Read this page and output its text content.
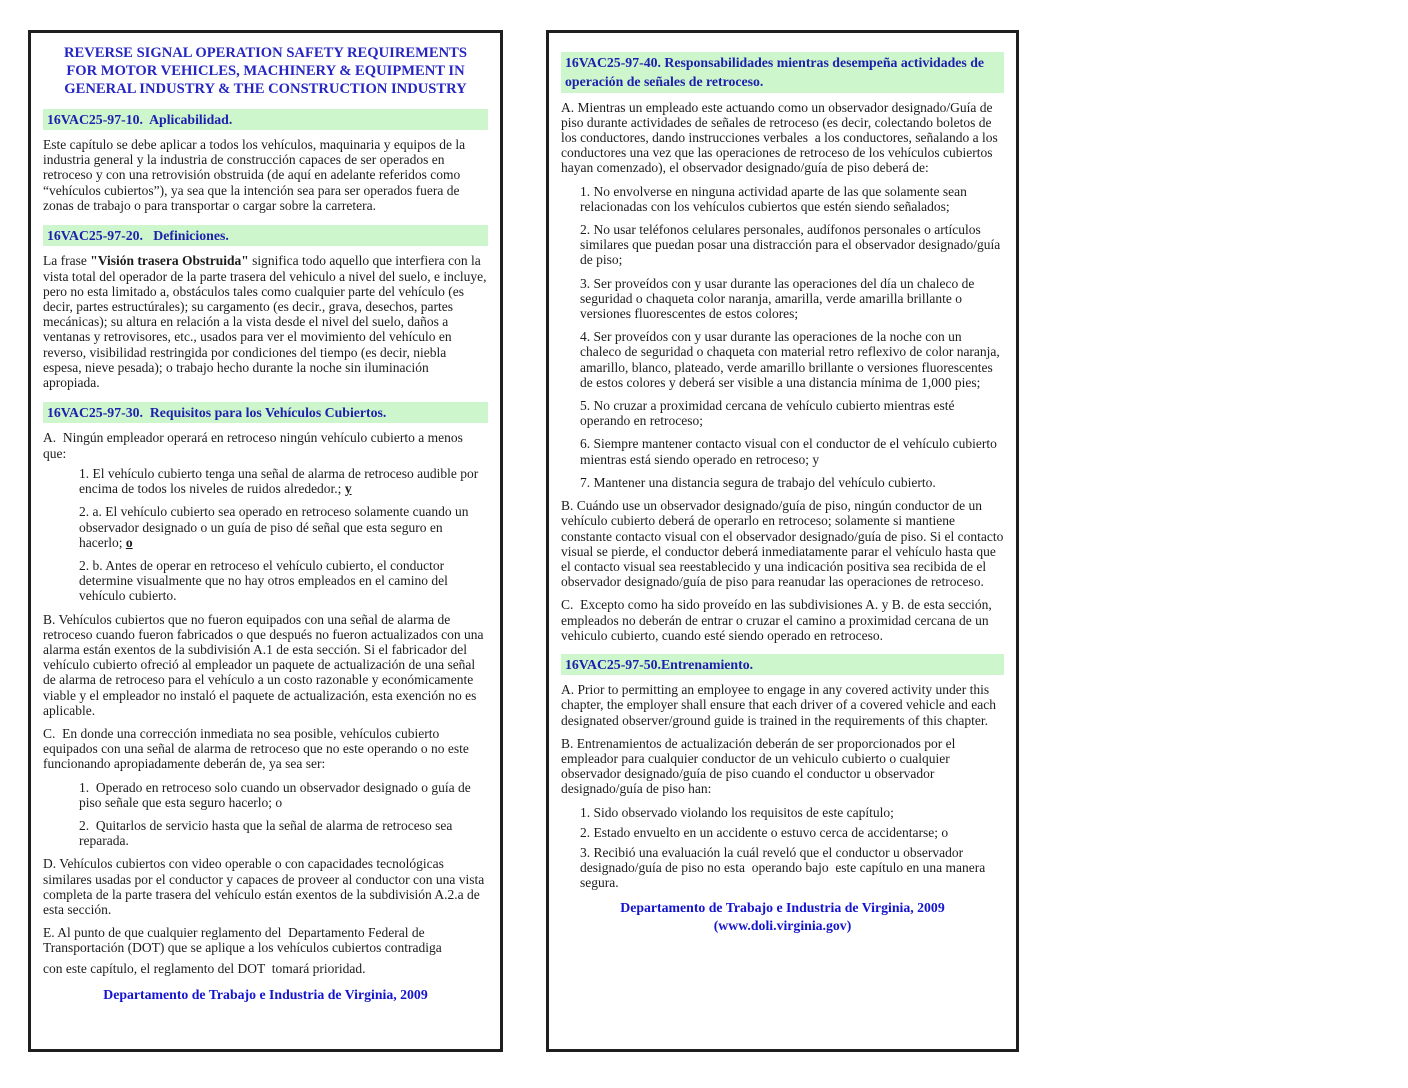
REVERSE SIGNAL OPERATION SAFETY REQUIREMENTS FOR MOTOR VEHICLES, MACHINERY & EQUIPMENT IN GENERAL INDUSTRY & THE CONSTRUCTION INDUSTRY
16VAC25-97-10.  Aplicabilidad.

Este capítulo se debe aplicar a todos los vehículos, maquinaria y equipos de la industria general y la industria de construcción capaces de ser operados en retroceso y con una retrovisión obstruida (de aquí en adelante referidos como “vehículos cubiertos”), ya sea que la intención sea para ser operados fuera de zonas de trabajo o para transportar o cargar sobre la carretera.

16VAC25-97-20.   Definiciones.

La frase "Visión trasera Obstruida" significa todo aquello que interfiera con la vista total del operador de la parte trasera del vehiculo a nivel del suelo, e incluye, pero no esta limitado a, obstáculos tales como cualquier parte del vehículo (es decir, partes estructúrales); su cargamento (es decir., grava, desechos, partes mecánicas); su altura en relación a la vista desde el nivel del suelo, daños a ventanas y retrovisores, etc., usados para ver el movimiento del vehículo en reverso, visibilidad restringida por condiciones del tiempo (es decir, niebla espesa, nieve pesada); o trabajo hecho durante la noche sin iluminación apropiada.

16VAC25-97-30.  Requisitos para los Vehículos Cubiertos.

A.  Ningún empleador operará en retroceso ningún vehículo cubierto a menos que:

1. El vehículo cubierto tenga una señal de alarma de retroceso audible por encima de todos los niveles de ruidos alrededor.; y

2. a. El vehículo cubierto sea operado en retroceso solamente cuando un observador designado o un guía de piso dé señal que esta seguro en hacerlo; o

2. b. Antes de operar en retroceso el vehículo cubierto, el conductor determine visualmente que no hay otros empleados en el camino del vehículo cubierto.

B. Vehículos cubiertos que no fueron equipados con una señal de alarma de retroceso cuando fueron fabricados o que después no fueron actualizados con una alarma están exentos de la subdivisión A.1 de esta sección. Si el fabricador del vehículo cubierto ofreció al empleador un paquete de actualización de una señal de alarma de retroceso para el vehículo a un costo razonable y económicamente viable y el empleador no instaló el paquete de actualización, esta exención no es aplicable.

C.  En donde una corrección inmediata no sea posible, vehículos cubierto equipados con una señal de alarma de retroceso que no este operando o no este funcionando apropiadamente deberán de, ya sea ser:

1.  Operado en retroceso solo cuando un observador designado o guía de piso señale que esta seguro hacerlo; o

2.  Quitarlos de servicio hasta que la señal de alarma de retroceso sea reparada.

D. Vehículos cubiertos con video operable o con capacidades tecnológicas similares usadas por el conductor y capaces de proveer al conductor con una vista completa de la parte trasera del vehículo están exentos de la subdivisión A.2.a de esta sección.

E. Al punto de que cualquier reglamento del  Departamento Federal de Transportación (DOT) que se aplique a los vehículos cubiertos contradiga

con este capítulo, el reglamento del DOT  tomará prioridad.

Departamento de Trabajo e Industria de Virginia, 2009
16VAC25-97-40. Responsabilidades mientras desempeña actividades de operación de señales de retroceso.

A. Mientras un empleado este actuando como un observador designado/Guía de piso durante actividades de señales de retroceso (es decir, colectando boletos de los conductores, dando instrucciones verbales  a los conductores, señalando a los conductores una vez que las operaciones de retroceso de los vehículos cubiertos hayan comenzado), el observador designado/guía de piso deberá de:

1. No envolverse en ninguna actividad aparte de las que solamente sean relacionadas con los vehículos cubiertos que estén siendo señalados;

2. No usar teléfonos celulares personales, audífonos personales o artículos similares que puedan posar una distracción para el observador designado/guía de piso;

3. Ser proveídos con y usar durante las operaciones del día un chaleco de seguridad o chaqueta color naranja, amarilla, verde amarilla brillante o versiones fluorescentes de estos colores;

4. Ser proveídos con y usar durante las operaciones de la noche con un chaleco de seguridad o chaqueta con material retro reflexivo de color naranja, amarillo, blanco, plateado, verde amarillo brillante o versiones fluorescentes de estos colores y deberá ser visible a una distancia mínima de 1,000 pies;

5. No cruzar a proximidad cercana de vehículo cubierto mientras esté operando en retroceso;

6. Siempre mantener contacto visual con el conductor de el vehículo cubierto mientras está siendo operado en retroceso; y

7. Mantener una distancia segura de trabajo del vehículo cubierto.

B. Cuándo use un observador designado/guía de piso, ningún conductor de un vehículo cubierto deberá de operarlo en retroceso; solamente si mantiene constante contacto visual con el observador designado/guía de piso. Si el contacto visual se pierde, el conductor deberá inmediatamente parar el vehículo hasta que el contacto visual sea reestablecido y una indicación positiva sea recibida de el observador designado/guía de piso para reanudar las operaciones de retroceso.

C.  Excepto como ha sido proveído en las subdivisiones A. y B. de esta sección, empleados no deberán de entrar o cruzar el camino a proximidad cercana de un vehiculo cubierto, cuando esté siendo operado en retroceso.

16VAC25-97-50.Entrenamiento.

A. Prior to permitting an employee to engage in any covered activity under this chapter, the employer shall ensure that each driver of a covered vehicle and each designated observer/ground guide is trained in the requirements of this chapter.

B. Entrenamientos de actualización deberán de ser proporcionados por el empleador para cualquier conductor de un vehiculo cubierto o cualquier observador designado/guía de piso cuando el conductor u observador designado/guía de piso han:

1. Sido observado violando los requisitos de este capítulo;

2. Estado envuelto en un accidente o estuvo cerca de accidentarse; o

3. Recibió una evaluación la cuál reveló que el conductor u observador designado/guía de piso no esta  operando bajo  este capítulo en una manera segura.

Departamento de Trabajo e Industria de Virginia, 2009
(www.doli.virginia.gov)
